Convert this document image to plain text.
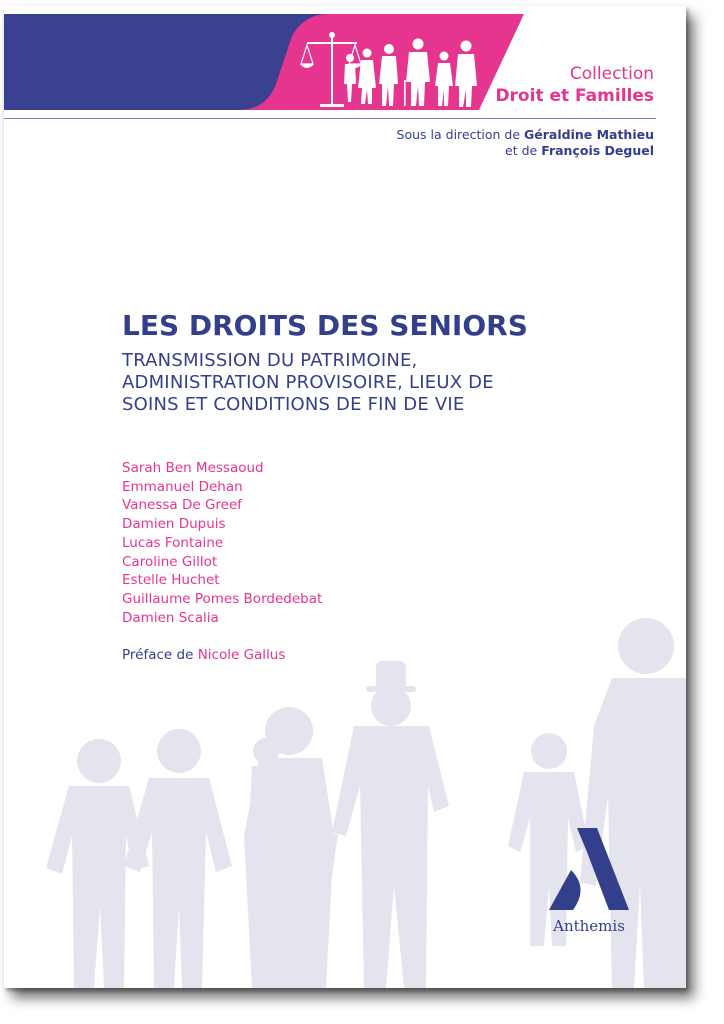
Collection
Droit et Familles
Sous la direction de Géraldine Mathieu
et de François Deguel
LES DROITS DES SENIORS
TRANSMISSION DU PATRIMOINE,
ADMINISTRATION PROVISOIRE, LIEUX DE
SOINS ET CONDITIONS DE FIN DE VIE
Sarah Ben Messaoud
Emmanuel Dehan
Vanessa De Greef
Damien Dupuis
Lucas Fontaine
Caroline Gillot
Estelle Huchet
Guillaume Pomes Bordedebat
Damien Scalia
Préface de Nicole Gallus
Anthemis
